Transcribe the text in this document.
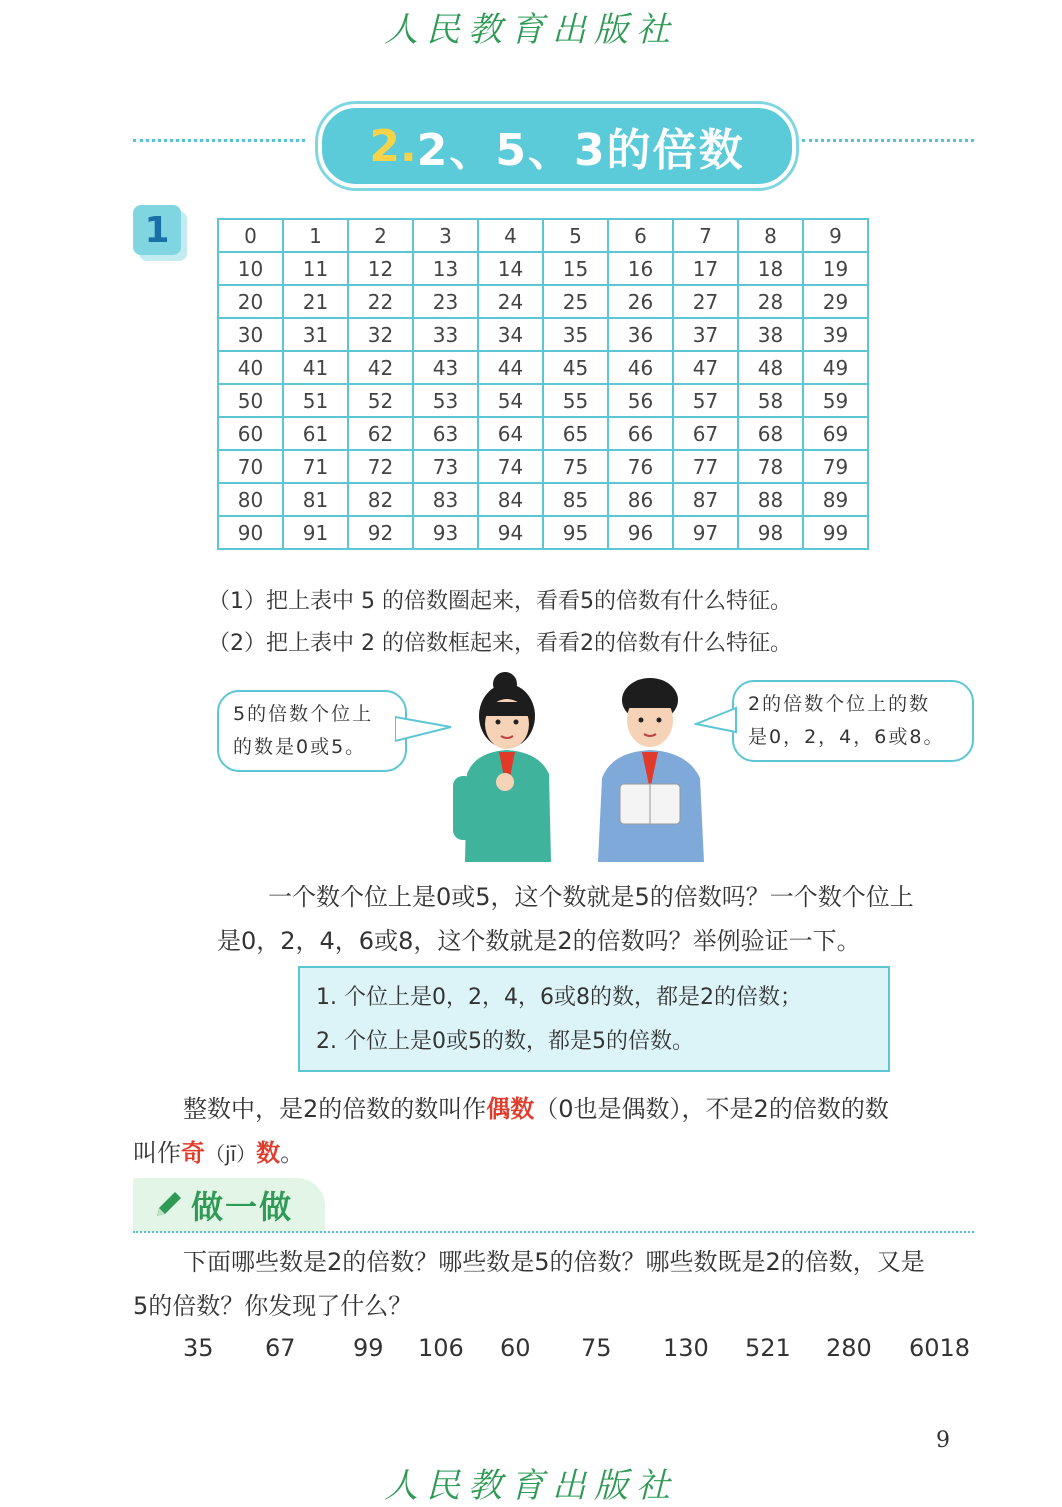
人民教育出版社
2. 2、5、3的倍数
1	0	1	2	3	4	5	6	7	8	9
10	11	12	13	14	15	16	17	18	19
20	21	22	23	24	25	26	27	28	29
30	31	32	33	34	35	36	37	38	39
40	41	42	43	44	45	46	47	48	49
50	51	52	53	54	55	56	57	58	59
60	61	62	63	64	65	66	67	68	69
70	71	72	73	74	75	76	77	78	79
80	81	82	83	84	85	86	87	88	89
90	91	92	93	94	95	96	97	98	99
（1）把上表中 5 的倍数圈起来，看看5的倍数有什么特征。
（2）把上表中 2 的倍数框起来，看看2的倍数有什么特征。
5的倍数个位上
的数是0或5。
2的倍数个位上的数
是0，2，4，6或8。
一个数个位上是0或5，这个数就是5的倍数吗？一个数个位上
是0，2，4，6或8，这个数就是2的倍数吗？举例验证一下。
1. 个位上是0，2，4，6或8的数，都是2的倍数；
2. 个位上是0或5的数，都是5的倍数。
整数中，是2的倍数的数叫作偶数（0也是偶数），不是2的倍数的数
叫作奇（jī）数。
做一做
下面哪些数是2的倍数？哪些数是5的倍数？哪些数既是2的倍数，又是
5的倍数？你发现了什么？
35 67 99 106 60 75 130 521 280 6018
9
人民教育出版社
